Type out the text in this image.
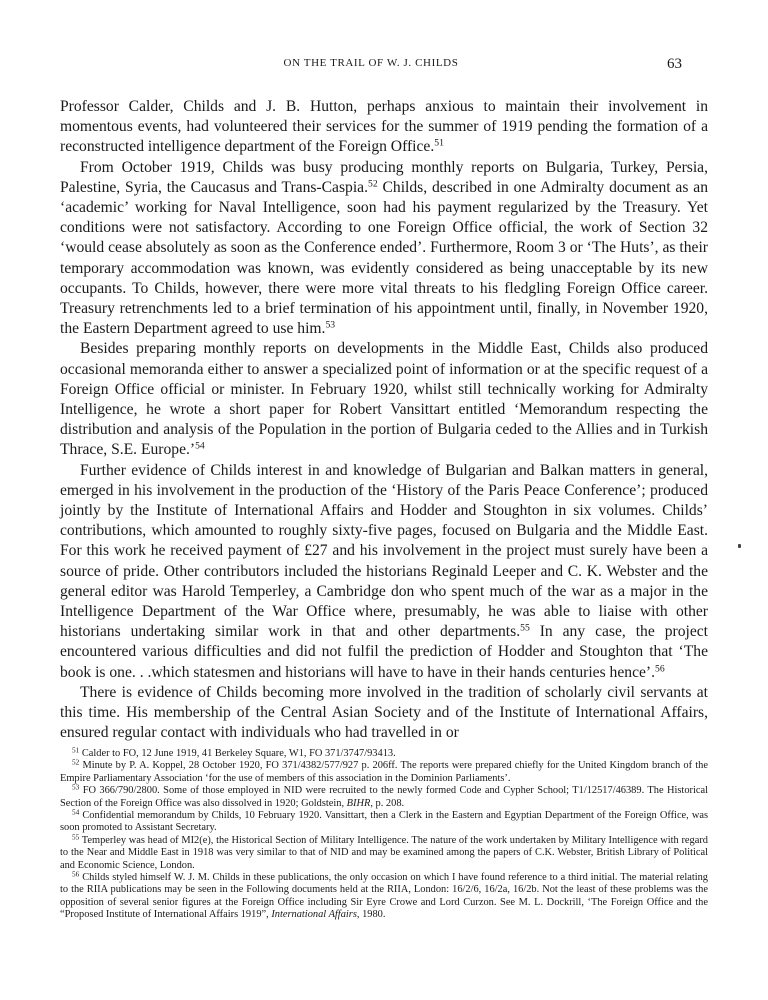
ON THE TRAIL OF W. J. CHILDS	63

Professor Calder, Childs and J. B. Hutton, perhaps anxious to maintain their involvement in momentous events, had volunteered their services for the summer of 1919 pending the formation of a reconstructed intelligence department of the Foreign Office.$^{51}$

From October 1919, Childs was busy producing monthly reports on Bulgaria, Turkey, Persia, Palestine, Syria, the Caucasus and Trans-Caspia.$^{52}$ Childs, described in one Admiralty document as an ‘academic’ working for Naval Intelligence, soon had his payment regularized by the Treasury. Yet conditions were not satisfactory. According to one Foreign Office official, the work of Section 32 ‘would cease absolutely as soon as the Conference ended’. Furthermore, Room 3 or ‘The Huts’, as their temporary accommodation was known, was evidently considered as being unacceptable by its new occupants. To Childs, however, there were more vital threats to his fledgling Foreign Office career. Treasury retrenchments led to a brief termination of his appointment until, finally, in November 1920, the Eastern Department agreed to use him.$^{53}$

Besides preparing monthly reports on developments in the Middle East, Childs also produced occasional memoranda either to answer a specialized point of information or at the specific request of a Foreign Office official or minister. In February 1920, whilst still technically working for Admiralty Intelligence, he wrote a short paper for Robert Vansittart entitled ‘Memorandum respecting the distribution and analysis of the Population in the portion of Bulgaria ceded to the Allies and in Turkish Thrace, S.E. Europe.’$^{54}$

Further evidence of Childs interest in and knowledge of Bulgarian and Balkan matters in general, emerged in his involvement in the production of the ‘History of the Paris Peace Conference’; produced jointly by the Institute of International Affairs and Hodder and Stoughton in six volumes. Childs’ contributions, which amounted to roughly sixty-five pages, focused on Bulgaria and the Middle East. For this work he received payment of £27 and his involvement in the project must surely have been a source of pride. Other contributors included the historians Reginald Leeper and C. K. Webster and the general editor was Harold Temperley, a Cambridge don who spent much of the war as a major in the Intelligence Department of the War Office where, presumably, he was able to liaise with other historians undertaking similar work in that and other departments.$^{55}$ In any case, the project encountered various difficulties and did not fulfil the prediction of Hodder and Stoughton that ‘The book is one. . .which statesmen and historians will have to have in their hands centuries hence’.$^{56}$

There is evidence of Childs becoming more involved in the tradition of scholarly civil servants at this time. His membership of the Central Asian Society and of the Institute of International Affairs, ensured regular contact with individuals who had travelled in or

$^{51}$ Calder to FO, 12 June 1919, 41 Berkeley Square, W1, FO 371/3747/93413.

$^{52}$ Minute by P. A. Koppel, 28 October 1920, FO 371/4382/577/927 p. 206ff. The reports were prepared chiefly for the United Kingdom branch of the Empire Parliamentary Association ‘for the use of members of this association in the Dominion Parliaments’.

$^{53}$ FO 366/790/2800. Some of those employed in NID were recruited to the newly formed Code and Cypher School; T1/12517/46389. The Historical Section of the Foreign Office was also dissolved in 1920; Goldstein, BIHR, p. 208.

$^{54}$ Confidential memorandum by Childs, 10 February 1920. Vansittart, then a Clerk in the Eastern and Egyptian Department of the Foreign Office, was soon promoted to Assistant Secretary.

$^{55}$ Temperley was head of MI2(e), the Historical Section of Military Intelligence. The nature of the work undertaken by Military Intelligence with regard to the Near and Middle East in 1918 was very similar to that of NID and may be examined among the papers of C.K. Webster, British Library of Political and Economic Science, London.

$^{56}$ Childs styled himself W. J. M. Childs in these publications, the only occasion on which I have found reference to a third initial. The material relating to the RIIA publications may be seen in the Following documents held at the RIIA, London: 16/2/6, 16/2a, 16/2b. Not the least of these problems was the opposition of several senior figures at the Foreign Office including Sir Eyre Crowe and Lord Curzon. See M. L. Dockrill, ‘The Foreign Office and the “Proposed Institute of International Affairs 1919”, International Affairs, 1980.
